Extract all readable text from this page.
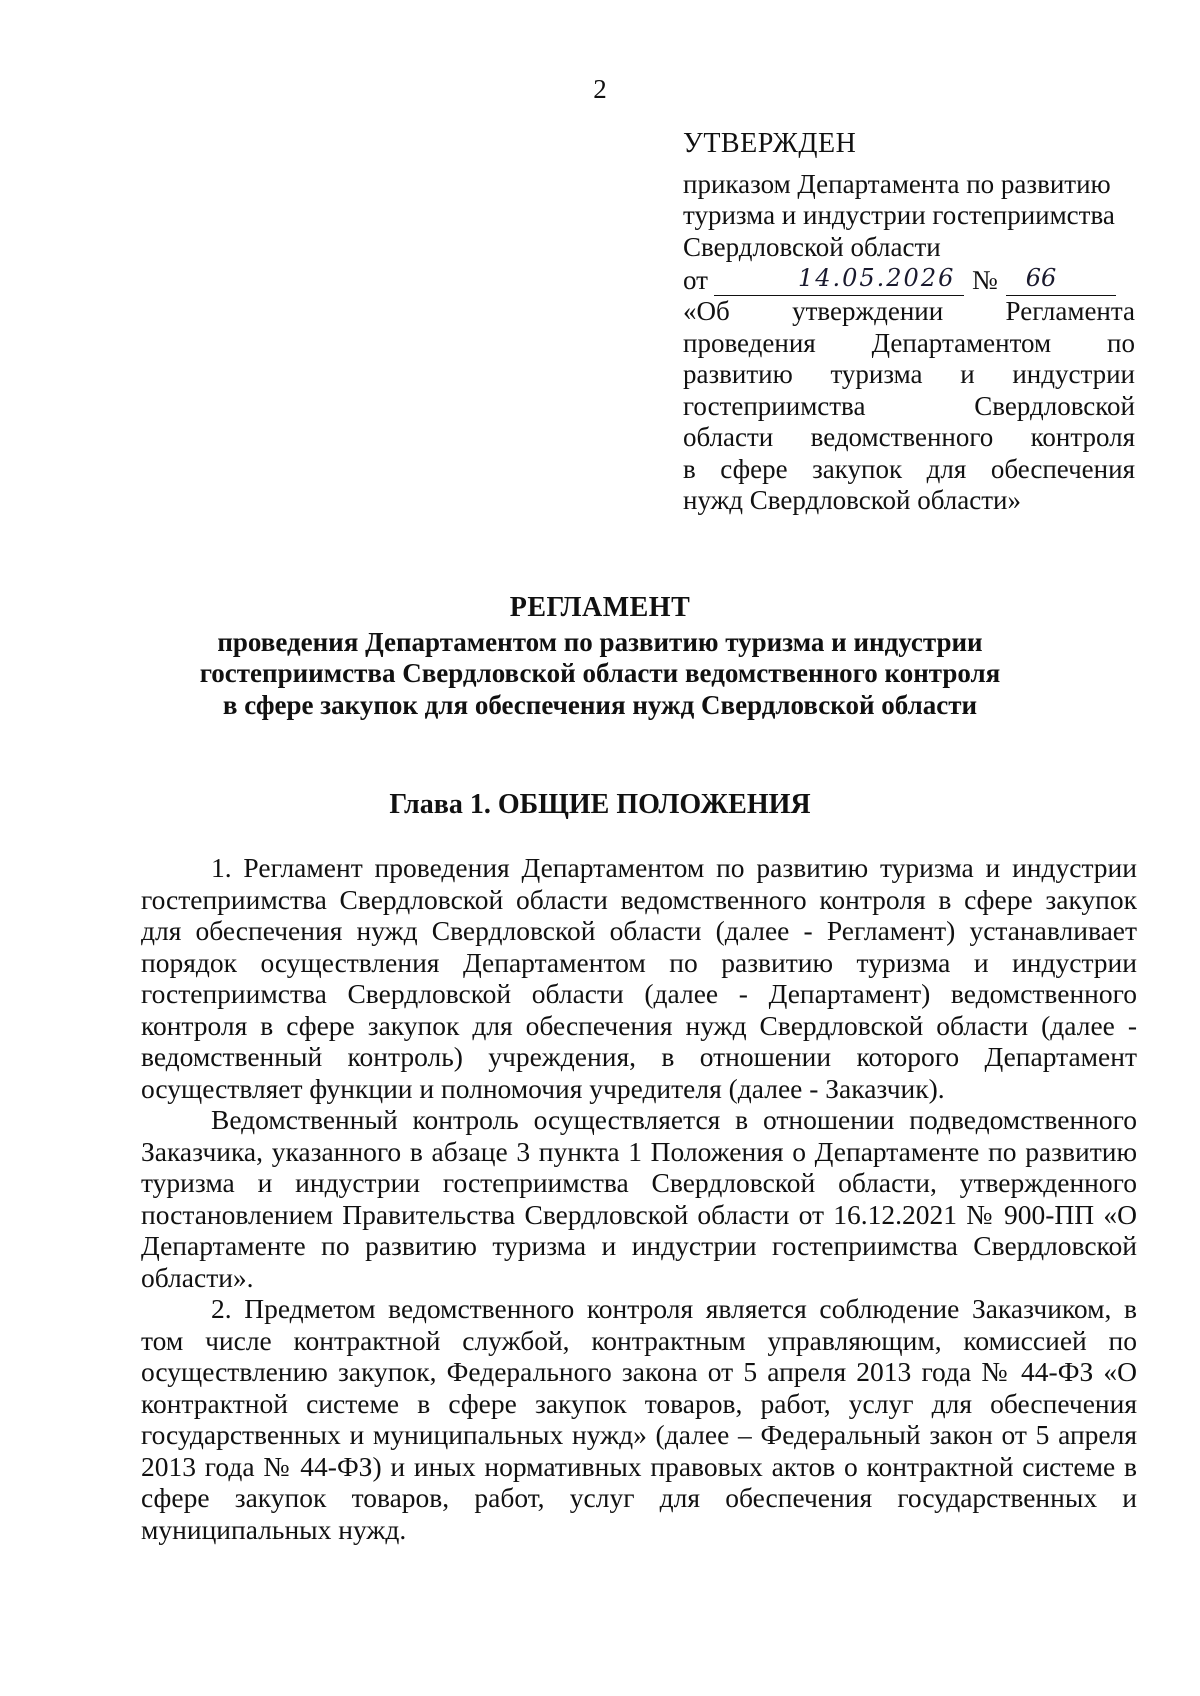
2
УТВЕРЖДЕН
приказом Департамента по развитию
туризма и индустрии гостеприимства
Свердловской области
от	14.05.2026 № 66
«Об утверждении Регламента
проведения Департаментом по
развитию туризма и индустрии
гостеприимства Свердловской
области ведомственного контроля
в сфере закупок для обеспечения
нужд Свердловской области»
РЕГЛАМЕНТ
проведения Департаментом по развитию туризма и индустрии
гостеприимства Свердловской области ведомственного контроля
в сфере закупок для обеспечения нужд Свердловской области
Глава 1. ОБЩИЕ ПОЛОЖЕНИЯ

1. Регламент проведения Департаментом по развитию туризма и индустрии гостеприимства Свердловской области ведомственного контроля в сфере закупок для обеспечения нужд Свердловской области (далее - Регламент) устанавливает порядок осуществления Департаментом по развитию туризма и индустрии гостеприимства Свердловской области (далее - Департамент) ведомственного контроля в сфере закупок для обеспечения нужд Свердловской области (далее - ведомственный контроль) учреждения, в отношении которого Департамент осуществляет функции и полномочия учредителя (далее - Заказчик).

Ведомственный контроль осуществляется в отношении подведомственного Заказчика, указанного в абзаце 3 пункта 1 Положения о Департаменте по развитию туризма и индустрии гостеприимства Свердловской области, утвержденного постановлением Правительства Свердловской области от 16.12.2021 № 900-ПП «О Департаменте по развитию туризма и индустрии гостеприимства Свердловской области».

2. Предметом ведомственного контроля является соблюдение Заказчиком, в том числе контрактной службой, контрактным управляющим, комиссией по осуществлению закупок, Федерального закона от 5 апреля 2013 года № 44-ФЗ «О контрактной системе в сфере закупок товаров, работ, услуг для обеспечения государственных и муниципальных нужд» (далее – Федеральный закон от 5 апреля 2013 года № 44-ФЗ) и иных нормативных правовых актов о контрактной системе в сфере закупок товаров, работ, услуг для обеспечения государственных и муниципальных нужд.
